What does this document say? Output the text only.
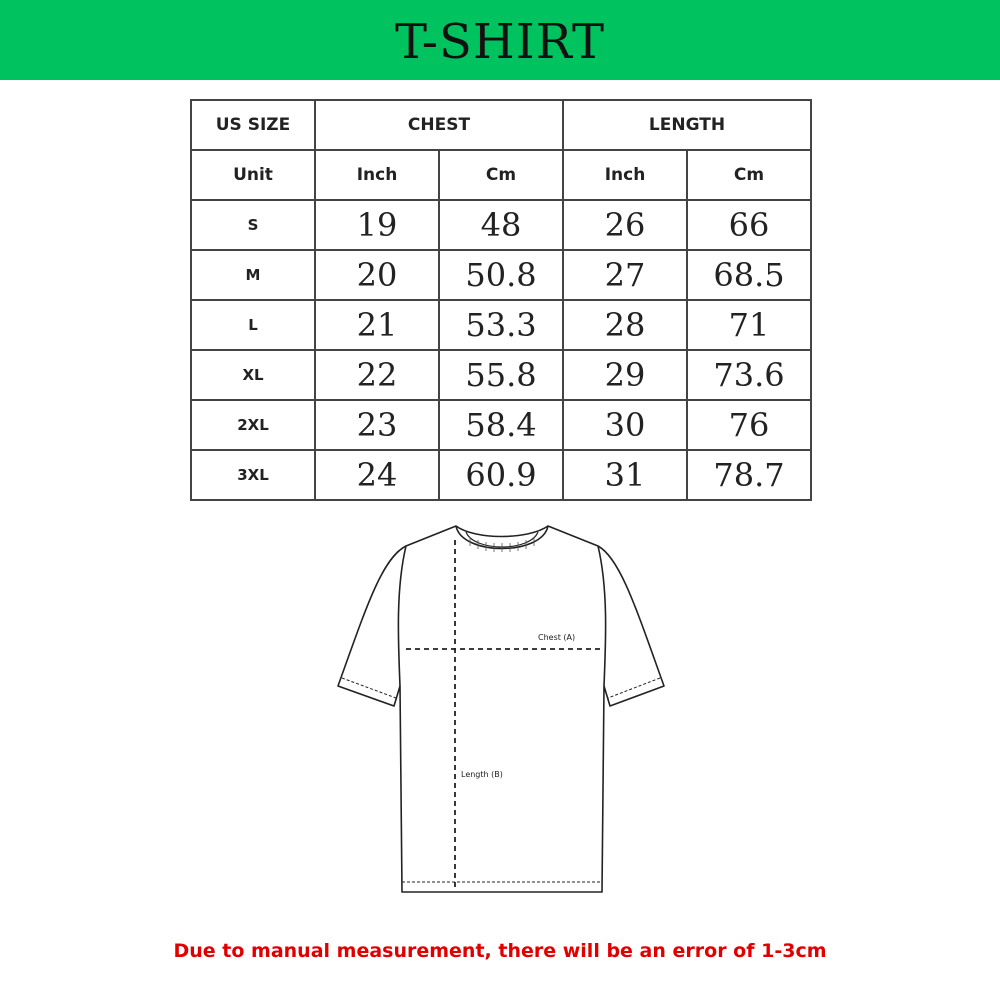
T-SHIRT
US SIZE	CHEST		LENGTH	
Unit	Inch	Cm	Inch	Cm
S	19	48	26	66
M	20	50.8	27	68.5
L	21	53.3	28	71
XL	22	55.8	29	73.6
2XL	23	58.4	30	76
3XL	24	60.9	31	78.7
Chest (A)
Length (B)
Due to manual measurement, there will be an error of 1-3cm
